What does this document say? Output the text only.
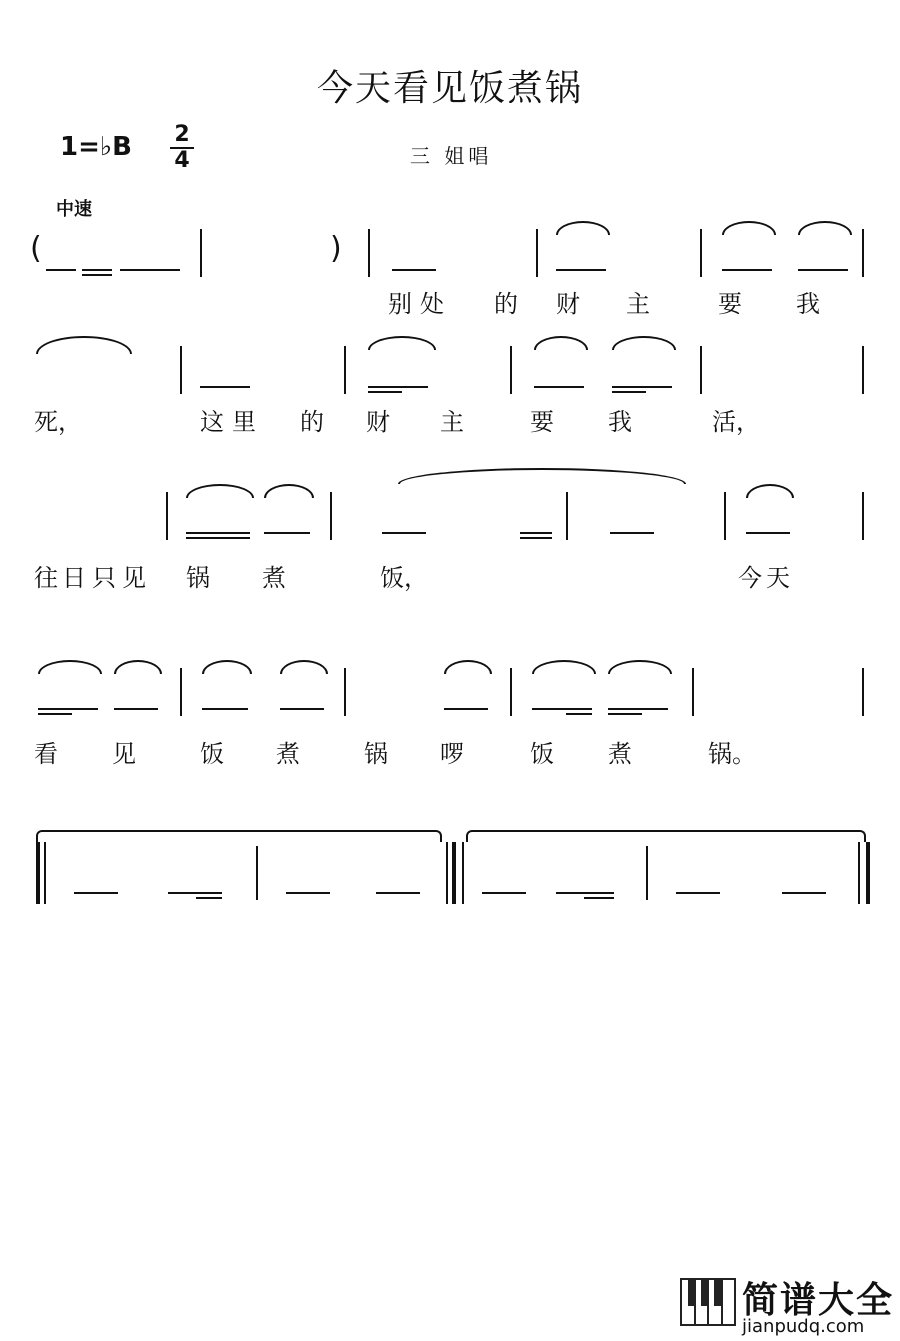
今天看见饭煮锅
1=♭B 2
4	三 姐唱
中速
(	)
别 处 的 财 主	要 我
死，	这 里 的 财 主	要 我	活，
往 日 只 见 锅 煮	饭，	今 天
看 见	饭 煮	锅 啰	饭 煮	锅。
简谱大全
jianpudq.com
